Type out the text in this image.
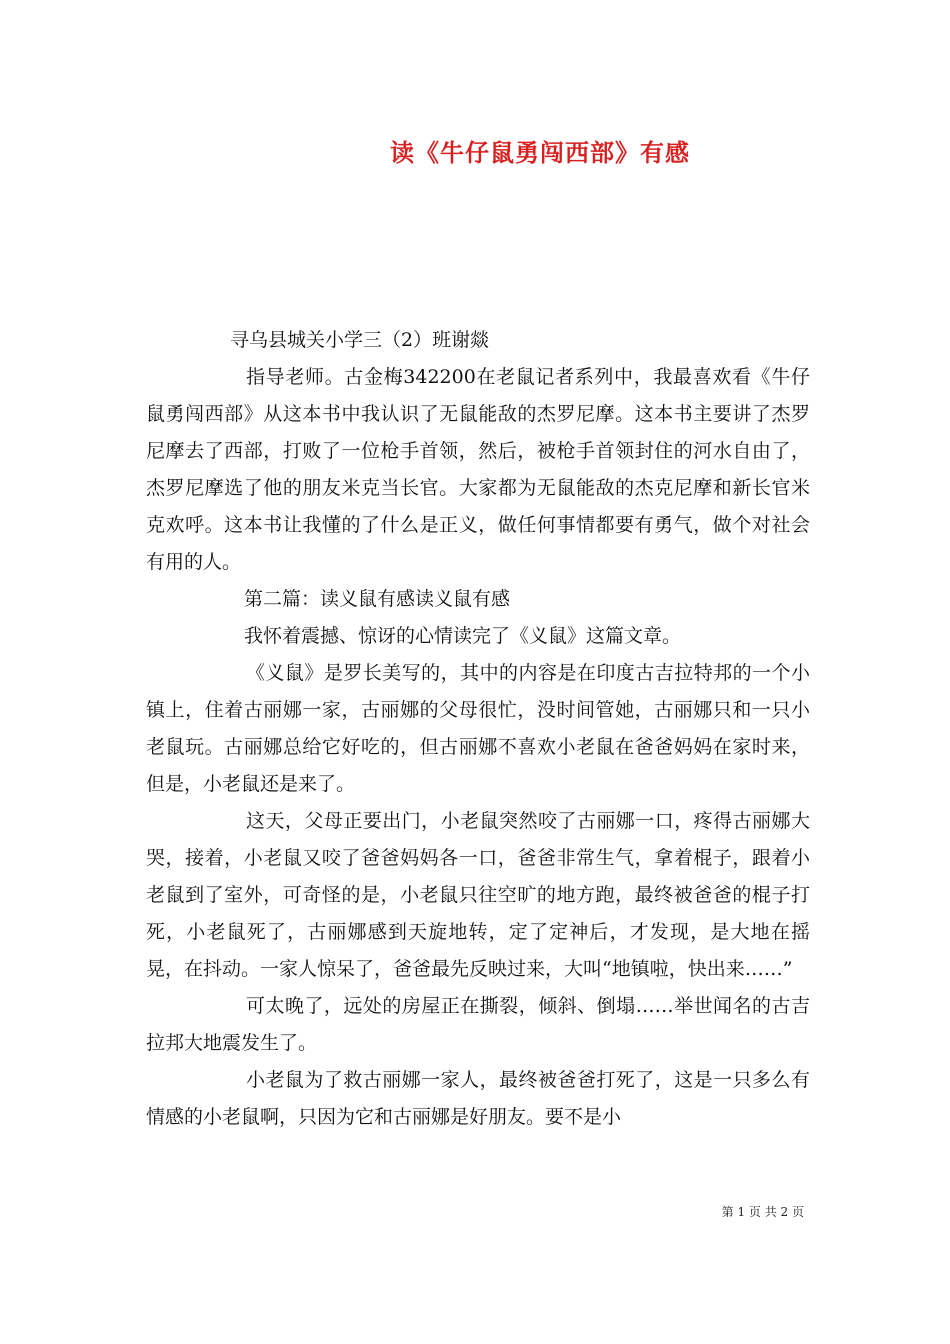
读《牛仔鼠勇闯西部》有感

寻乌县城关小学三（2）班谢燚

指导老师。古金梅342200在老鼠记者系列中，我最喜欢看《牛仔鼠勇闯西部》从这本书中我认识了无鼠能敌的杰罗尼摩。这本书主要讲了杰罗尼摩去了西部，打败了一位枪手首领，然后，被枪手首领封住的河水自由了，杰罗尼摩选了他的朋友米克当长官。大家都为无鼠能敌的杰克尼摩和新长官米克欢呼。这本书让我懂的了什么是正义，做任何事情都要有勇气，做个对社会有用的人。

第二篇：读义鼠有感读义鼠有感

我怀着震撼、惊讶的心情读完了《义鼠》这篇文章。

《义鼠》是罗长美写的，其中的内容是在印度古吉拉特邦的一个小镇上，住着古丽娜一家，古丽娜的父母很忙，没时间管她，古丽娜只和一只小老鼠玩。古丽娜总给它好吃的，但古丽娜不喜欢小老鼠在爸爸妈妈在家时来，但是，小老鼠还是来了。

这天，父母正要出门，小老鼠突然咬了古丽娜一口，疼得古丽娜大哭，接着，小老鼠又咬了爸爸妈妈各一口，爸爸非常生气，拿着棍子，跟着小老鼠到了室外，可奇怪的是，小老鼠只往空旷的地方跑，最终被爸爸的棍子打死，小老鼠死了，古丽娜感到天旋地转，定了定神后，才发现，是大地在摇晃，在抖动。一家人惊呆了，爸爸最先反映过来，大叫“地镇啦，快出来……”

可太晚了，远处的房屋正在撕裂，倾斜、倒塌……举世闻名的古吉拉邦大地震发生了。

小老鼠为了救古丽娜一家人，最终被爸爸打死了，这是一只多么有情感的小老鼠啊，只因为它和古丽娜是好朋友。要不是小

第 1 页 共 2 页
